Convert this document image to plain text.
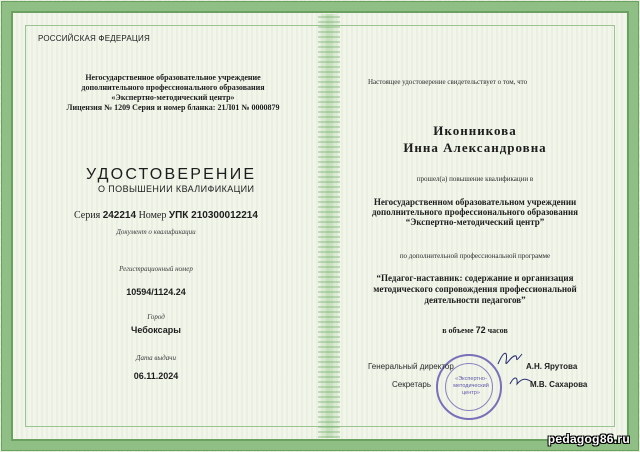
РОССИЙСКАЯ ФЕДЕРАЦИЯ
Негосударственное образовательное учреждение
дополнительного профессионального образования
«Экспертно-методический центр»
Лицензия № 1209 Серия и номер бланка: 21Л01 № 0000879
УДОСТОВЕРЕНИЕ
О ПОВЫШЕНИИ КВАЛИФИКАЦИИ
Серия 242214 Номер УПК 210300012214
Документ о квалификации
Регистрационный номер
10594/1124.24
Город
Чебоксары
Дата выдачи
06.11.2024
Настоящее удостоверение свидетельствует о том, что
Иконникова
Инна Александровна
прошел(а) повышение квалификации в
Негосударственном образовательном учреждении
дополнительного профессионального образования
“Экспертно-методический центр”
по дополнительной профессиональной программе
“Педагог-наставник: содержание и организация
методического сопровождения профессиональной
деятельности педагогов”
в объеме 72 часов
«Экспертно-методический центр»
Генеральный директор	А.Н. Ярутова
Секретарь	М.В. Сахарова
pedagog86.ru
